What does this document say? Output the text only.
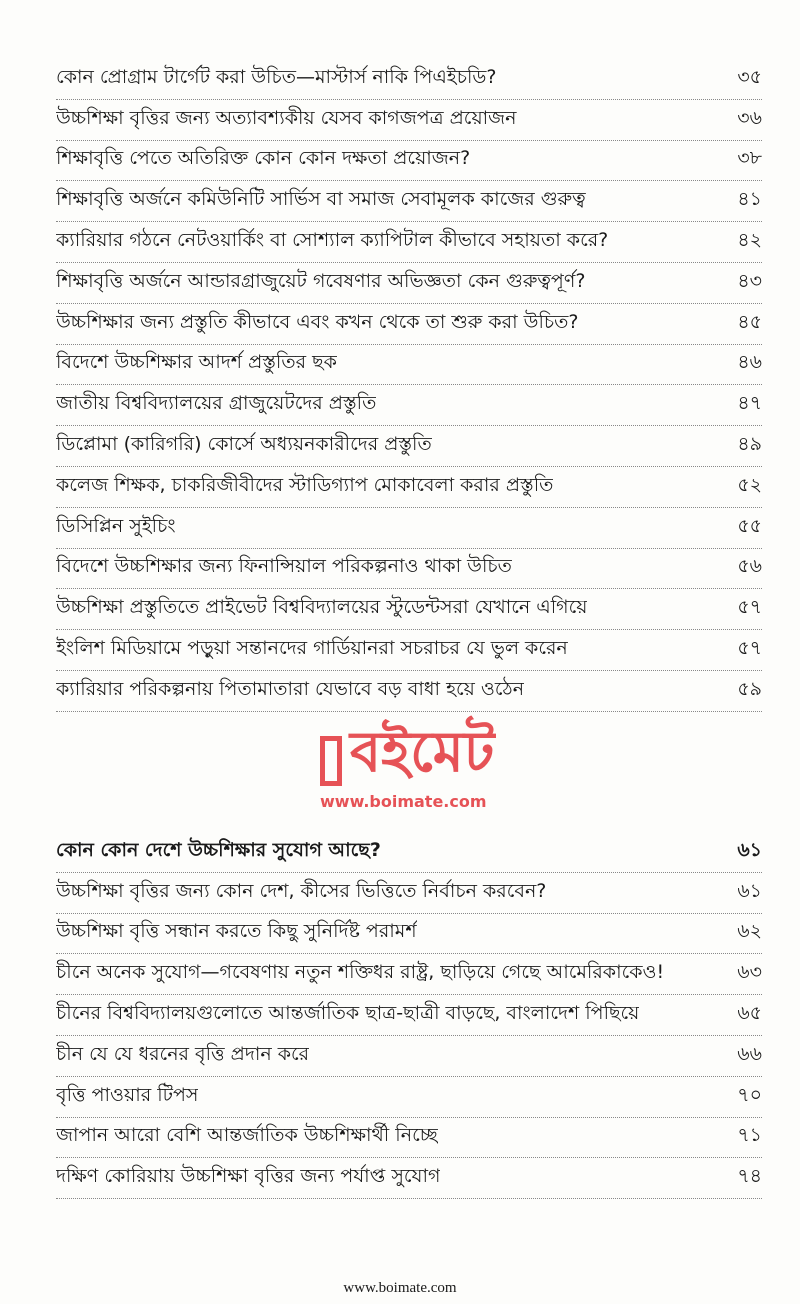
কোন প্রোগ্রাম টার্গেট করা উচিত—মাস্টার্স নাকি পিএইচডি?	৩৫
উচ্চশিক্ষা বৃত্তির জন্য অত্যাবশ্যকীয় যেসব কাগজপত্র প্রয়োজন	৩৬
শিক্ষাবৃত্তি পেতে অতিরিক্ত কোন কোন দক্ষতা প্রয়োজন?	৩৮
শিক্ষাবৃত্তি অর্জনে কমিউনিটি সার্ভিস বা সমাজ সেবামূলক কাজের গুরুত্ব	৪১
ক্যারিয়ার গঠনে নেটওয়ার্কিং বা সোশ্যাল ক্যাপিটাল কীভাবে সহায়তা করে?	৪২
শিক্ষাবৃত্তি অর্জনে আন্ডারগ্রাজুয়েট গবেষণার অভিজ্ঞতা কেন গুরুত্বপূর্ণ?	৪৩
উচ্চশিক্ষার জন্য প্রস্তুতি কীভাবে এবং কখন থেকে তা শুরু করা উচিত?	৪৫
বিদেশে উচ্চশিক্ষার আদর্শ প্রস্তুতির ছক	৪৬
জাতীয় বিশ্ববিদ্যালয়ের গ্রাজুয়েটদের প্রস্তুতি	৪৭
ডিপ্লোমা (কারিগরি) কোর্সে অধ্যয়নকারীদের প্রস্তুতি	৪৯
কলেজ শিক্ষক, চাকরিজীবীদের স্টাডিগ্যাপ মোকাবেলা করার প্রস্তুতি	৫২
ডিসিপ্লিন সুইচিং	৫৫
বিদেশে উচ্চশিক্ষার জন্য ফিনান্সিয়াল পরিকল্পনাও থাকা উচিত	৫৬
উচ্চশিক্ষা প্রস্তুতিতে প্রাইভেট বিশ্ববিদ্যালয়ের স্টুডেন্টসরা যেখানে এগিয়ে	৫৭
ইংলিশ মিডিয়ামে পড়ুয়া সন্তানদের গার্ডিয়ানরা সচরাচর যে ভুল করেন	৫৭
ক্যারিয়ার পরিকল্পনায় পিতামাতারা যেভাবে বড় বাধা হয়ে ওঠেন	৫৯
কোন কোন দেশে উচ্চশিক্ষার সুযোগ আছে?	৬১
উচ্চশিক্ষা বৃত্তির জন্য কোন দেশ, কীসের ভিত্তিতে নির্বাচন করবেন?	৬১
উচ্চশিক্ষা বৃত্তি সন্ধান করতে কিছু সুনির্দিষ্ট পরামর্শ	৬২
চীনে অনেক সুযোগ—গবেষণায় নতুন শক্তিধর রাষ্ট্র, ছাড়িয়ে গেছে আমেরিকাকেও!	৬৩
চীনের বিশ্ববিদ্যালয়গুলোতে আন্তর্জাতিক ছাত্র-ছাত্রী বাড়ছে, বাংলাদেশ পিছিয়ে	৬৫
চীন যে যে ধরনের বৃত্তি প্রদান করে	৬৬
বৃত্তি পাওয়ার টিপস	৭০
জাপান আরো বেশি আন্তর্জাতিক উচ্চশিক্ষার্থী নিচ্ছে	৭১
দক্ষিণ কোরিয়ায় উচ্চশিক্ষা বৃত্তির জন্য পর্যাপ্ত সুযোগ	৭৪
বইমেট
www.boimate.com
www.boimate.com
